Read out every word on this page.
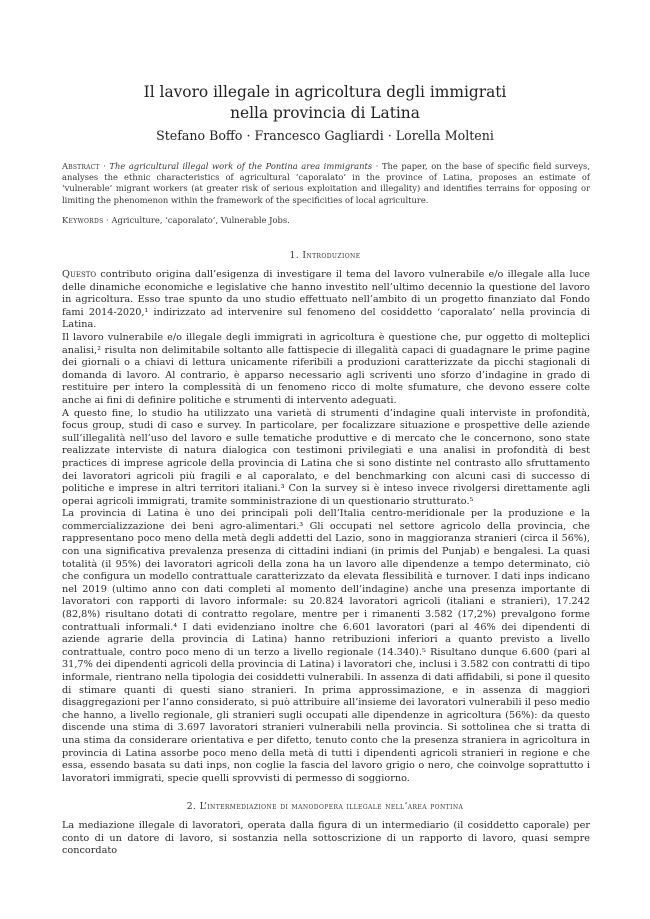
Il lavoro illegale in agricoltura degli immigrati
nella provincia di Latina
Stefano Boffo · Francesco Gagliardi · Lorella Molteni
Abstract · The agricultural illegal work of the Pontina area immigrants · The paper, on the base of specific field surveys, analyses the ethnic characteristics of agricultural ‘caporalato’ in the province of Latina, proposes an estimate of ‘vulnerable’ migrant workers (at greater risk of serious exploitation and illegality) and identifies terrains for opposing or limiting the phenomenon within the framework of the specificities of local agriculture.
Keywords · Agriculture, ‘caporalato’, Vulnerable Jobs.
1. Introduzione

Questo contributo origina dall’esigenza di investigare il tema del lavoro vulnerabile e/o illegale alla luce delle dinamiche economiche e legislative che hanno investito nell’ultimo decennio la questione del lavoro in agricoltura. Esso trae spunto da uno studio effettuato nell’ambito di un progetto finanziato dal Fondo fami 2014-2020,¹ indirizzato ad intervenire sul fenomeno del cosiddetto ‘caporalato’ nella provincia di Latina.

Il lavoro vulnerabile e/o illegale degli immigrati in agricoltura è questione che, pur oggetto di molteplici analisi,² risulta non delimitabile soltanto alle fattispecie di illegalità capaci di guadagnare le prime pagine dei giornali o a chiavi di lettura unicamente riferibili a produzioni caratterizzate da picchi stagionali di domanda di lavoro. Al contrario, è apparso necessario agli scriventi uno sforzo d’indagine in grado di restituire per intero la complessità di un fenomeno ricco di molte sfumature, che devono essere colte anche ai fini di definire politiche e strumenti di intervento adeguati.

A questo fine, lo studio ha utilizzato una varietà di strumenti d’indagine quali interviste in profondità, focus group, studi di caso e survey. In particolare, per focalizzare situazione e prospettive delle aziende sull’illegalità nell’uso del lavoro e sulle tematiche produttive e di mercato che le concernono, sono state realizzate interviste di natura dialogica con testimoni privilegiati e una analisi in profondità di best practices di imprese agricole della provincia di Latina che si sono distinte nel contrasto allo sfruttamento dei lavoratori agricoli più fragili e al caporalato, e del benchmarking con alcuni casi di successo di politiche e imprese in altri territori italiani.³ Con la survey si è inteso invece rivolgersi direttamente agli operai agricoli immigrati, tramite somministrazione di un questionario strutturato.⁵

La provincia di Latina è uno dei principali poli dell’Italia centro-meridionale per la produzione e la commercializzazione dei beni agro-alimentari.³ Gli occupati nel settore agricolo della provincia, che rappresentano poco meno della metà degli addetti del Lazio, sono in maggioranza stranieri (circa il 56%), con una significativa prevalenza presenza di cittadini indiani (in primis del Punjab) e bengalesi. La quasi totalità (il 95%) dei lavoratori agricoli della zona ha un lavoro alle dipendenze a tempo determinato, ciò che configura un modello contrattuale caratterizzato da elevata flessibilità e turnover. I dati inps indicano nel 2019 (ultimo anno con dati completi al momento dell’indagine) anche una presenza importante di lavoratori con rapporti di lavoro informale: su 20.824 lavoratori agricoli (italiani e stranieri), 17.242 (82,8%) risultano dotati di contratto regolare, mentre per i rimanenti 3.582 (17,2%) prevalgono forme contrattuali informali.⁴ I dati evidenziano inoltre che 6.601 lavoratori (pari al 46% dei dipendenti di aziende agrarie della provincia di Latina) hanno retribuzioni inferiori a quanto previsto a livello contrattuale, contro poco meno di un terzo a livello regionale (14.340).⁵ Risultano dunque 6.600 (pari al 31,7% dei dipendenti agricoli della provincia di Latina) i lavoratori che, inclusi i 3.582 con contratti di tipo informale, rientrano nella tipologia dei cosiddetti vulnerabili. In assenza di dati affidabili, si pone il quesito di stimare quanti di questi siano stranieri. In prima approssimazione, e in assenza di maggiori disaggregazioni per l’anno considerato, si può attribuire all’insieme dei lavoratori vulnerabili il peso medio che hanno, a livello regionale, gli stranieri sugli occupati alle dipendenze in agricoltura (56%): da questo discende una stima di 3.697 lavoratori stranieri vulnerabili nella provincia. Si sottolinea che si tratta di una stima da considerare orientativa e per difetto, tenuto conto che la presenza straniera in agricoltura in provincia di Latina assorbe poco meno della metà di tutti i dipendenti agricoli stranieri in regione e che essa, essendo basata su dati inps, non coglie la fascia del lavoro grigio o nero, che coinvolge soprattutto i lavoratori immigrati, specie quelli sprovvisti di permesso di soggiorno.

2. L’intermediazione di manodopera illegale nell’area pontina

La mediazione illegale di lavoratori, operata dalla figura di un intermediario (il cosiddetto caporale) per conto di un datore di lavoro, si sostanzia nella sottoscrizione di un rapporto di lavoro, quasi sempre concordato
